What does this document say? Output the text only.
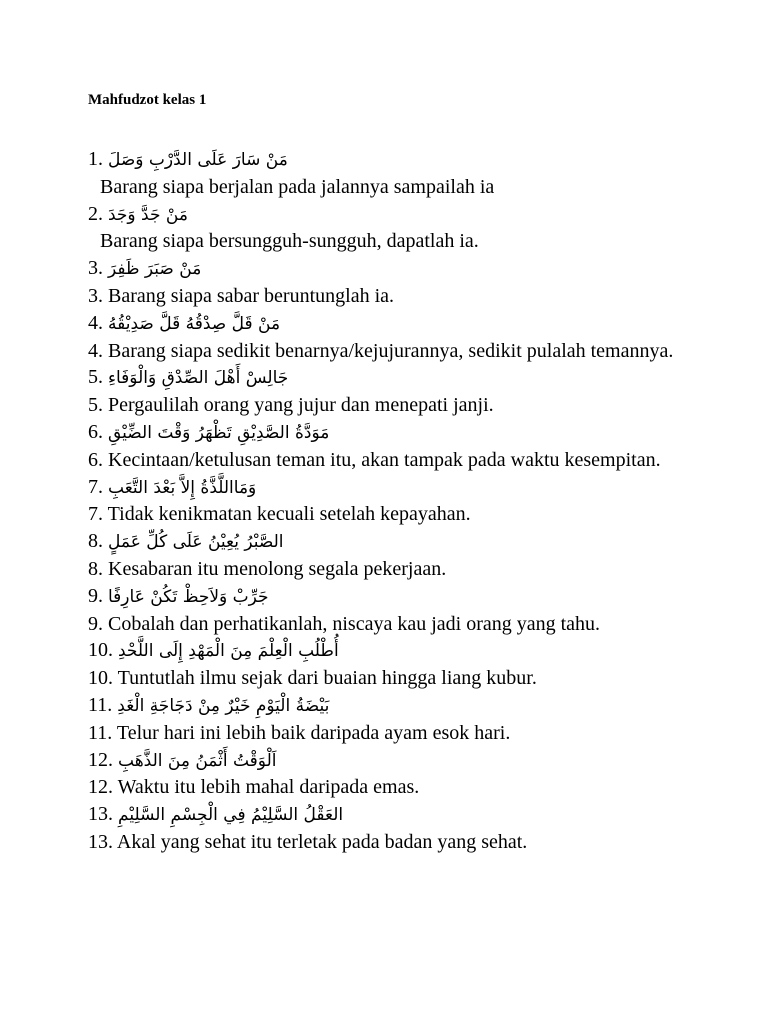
Mahfudzot kelas 1
1. مَنْ سَارَ عَلَى الدَّرْبِ وَصَلَ
Barang siapa berjalan pada jalannya sampailah ia
2. مَنْ جَدَّ وَجَدَ
Barang siapa bersungguh-sungguh, dapatlah ia.
3. مَنْ صَبَرَ ظَفِرَ
3. Barang siapa sabar beruntunglah ia.
4. مَنْ قَلَّ صِدْقُهُ قَلَّ صَدِيْقُهُ
4. Barang siapa sedikit benarnya/kejujurannya, sedikit pulalah temannya.
5. جَالِسْ أَهْلَ الصِّدْقِ وَالْوَفَاءِ
5. Pergaulilah orang yang jujur dan menepati janji.
6. مَوَدَّةُ الصَّدِيْقِ تَظْهَرُ وَقْتَ الضِّيْقِ
6. Kecintaan/ketulusan teman itu, akan tampak pada waktu kesempitan.
7. وَمَااللَّذَّةُ إِلاَّ بَعْدَ التَّعَبِ
7. Tidak kenikmatan kecuali setelah kepayahan.
8. الصَّبْرُ يُعِيْنُ عَلَى كُلِّ عَمَلٍ
8. Kesabaran itu menolong segala pekerjaan.
9. جَرِّبْ وَلاَحِظْ تَكُنْ عَارِفًا
9. Cobalah dan perhatikanlah, niscaya kau jadi orang yang tahu.
10. أُطْلُبِ الْعِلْمَ مِنَ الْمَهْدِ إِلَى اللَّحْدِ
10. Tuntutlah ilmu sejak dari buaian hingga liang kubur.
11. بَيْضَةُ الْيَوْمِ خَيْرٌ مِنْ دَجَاجَةِ الْغَدِ
11. Telur hari ini lebih baik daripada ayam esok hari.
12. اَلْوَقْتُ أَثْمَنُ مِنَ الذَّهَبِ
12. Waktu itu lebih mahal daripada emas.
13. العَقْلُ السَّلِيْمُ فِي الْجِسْمِ السَّلِيْمِ
13. Akal yang sehat itu terletak pada badan yang sehat.
